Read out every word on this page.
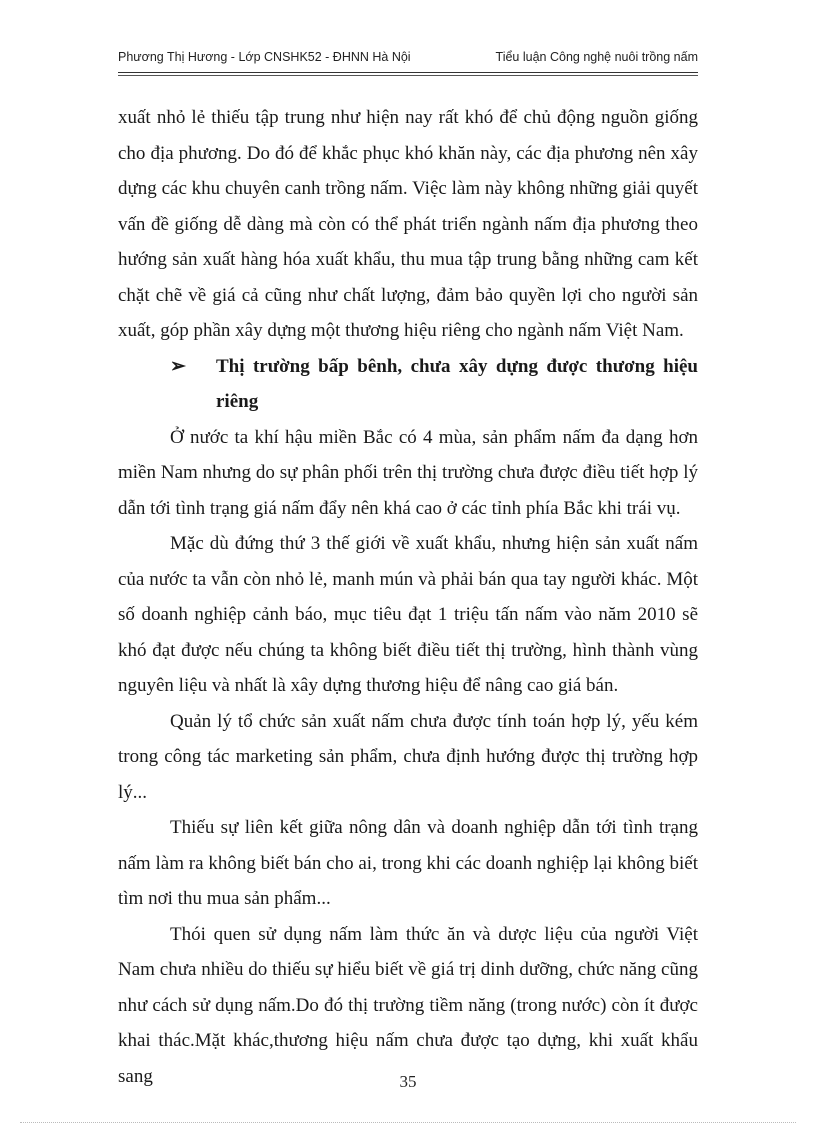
Phương Thị Hương - Lớp CNSHK52 - ĐHNN Hà Nội	Tiểu luận Công nghệ nuôi trồng nấm

xuất nhỏ lẻ thiếu tập trung như hiện nay rất khó để chủ động nguồn giống cho địa phương. Do đó để khắc phục khó khăn này, các địa phương nên xây dựng các khu chuyên canh trồng nấm. Việc làm này không những giải quyết vấn đề giống dễ dàng mà còn có thể phát triển ngành nấm địa phương theo hướng sản xuất hàng hóa xuất khẩu, thu mua tập trung bằng những cam kết chặt chẽ về giá cả cũng như chất lượng, đảm bảo quyền lợi cho người sản xuất, góp phần xây dựng một thương hiệu riêng cho ngành nấm Việt Nam.

➢ Thị trường bấp bênh, chưa xây dựng được thương hiệu riêng

Ở nước ta khí hậu miền Bắc có 4 mùa, sản phẩm nấm đa dạng hơn miền Nam nhưng do sự phân phối trên thị trường chưa được điều tiết hợp lý dẫn tới tình trạng giá nấm đẩy nên khá cao ở các tỉnh phía Bắc khi trái vụ.

Mặc dù đứng thứ 3 thế giới về xuất khẩu, nhưng hiện sản xuất nấm của nước ta vẫn còn nhỏ lẻ, manh mún và phải bán qua tay người khác. Một số doanh nghiệp cảnh báo, mục tiêu đạt 1 triệu tấn nấm vào năm 2010 sẽ khó đạt được nếu chúng ta không biết điều tiết thị trường, hình thành vùng nguyên liệu và nhất là xây dựng thương hiệu để nâng cao giá bán.

Quản lý tổ chức sản xuất nấm chưa được tính toán hợp lý, yếu kém trong công tác marketing sản phẩm, chưa định hướng được thị trường hợp lý...

Thiếu sự liên kết giữa nông dân và doanh nghiệp dẫn tới tình trạng nấm làm ra không biết bán cho ai, trong khi các doanh nghiệp lại không biết tìm nơi thu mua sản phẩm...

Thói quen sử dụng nấm làm thức ăn và dược liệu của người Việt Nam chưa nhiều do thiếu sự hiểu biết về giá trị dinh dưỡng, chức năng cũng như cách sử dụng nấm.Do đó thị trường tiềm năng (trong nước) còn ít được khai thác.Mặt khác,thương hiệu nấm chưa được tạo dựng, khi xuất khẩu sang	35
